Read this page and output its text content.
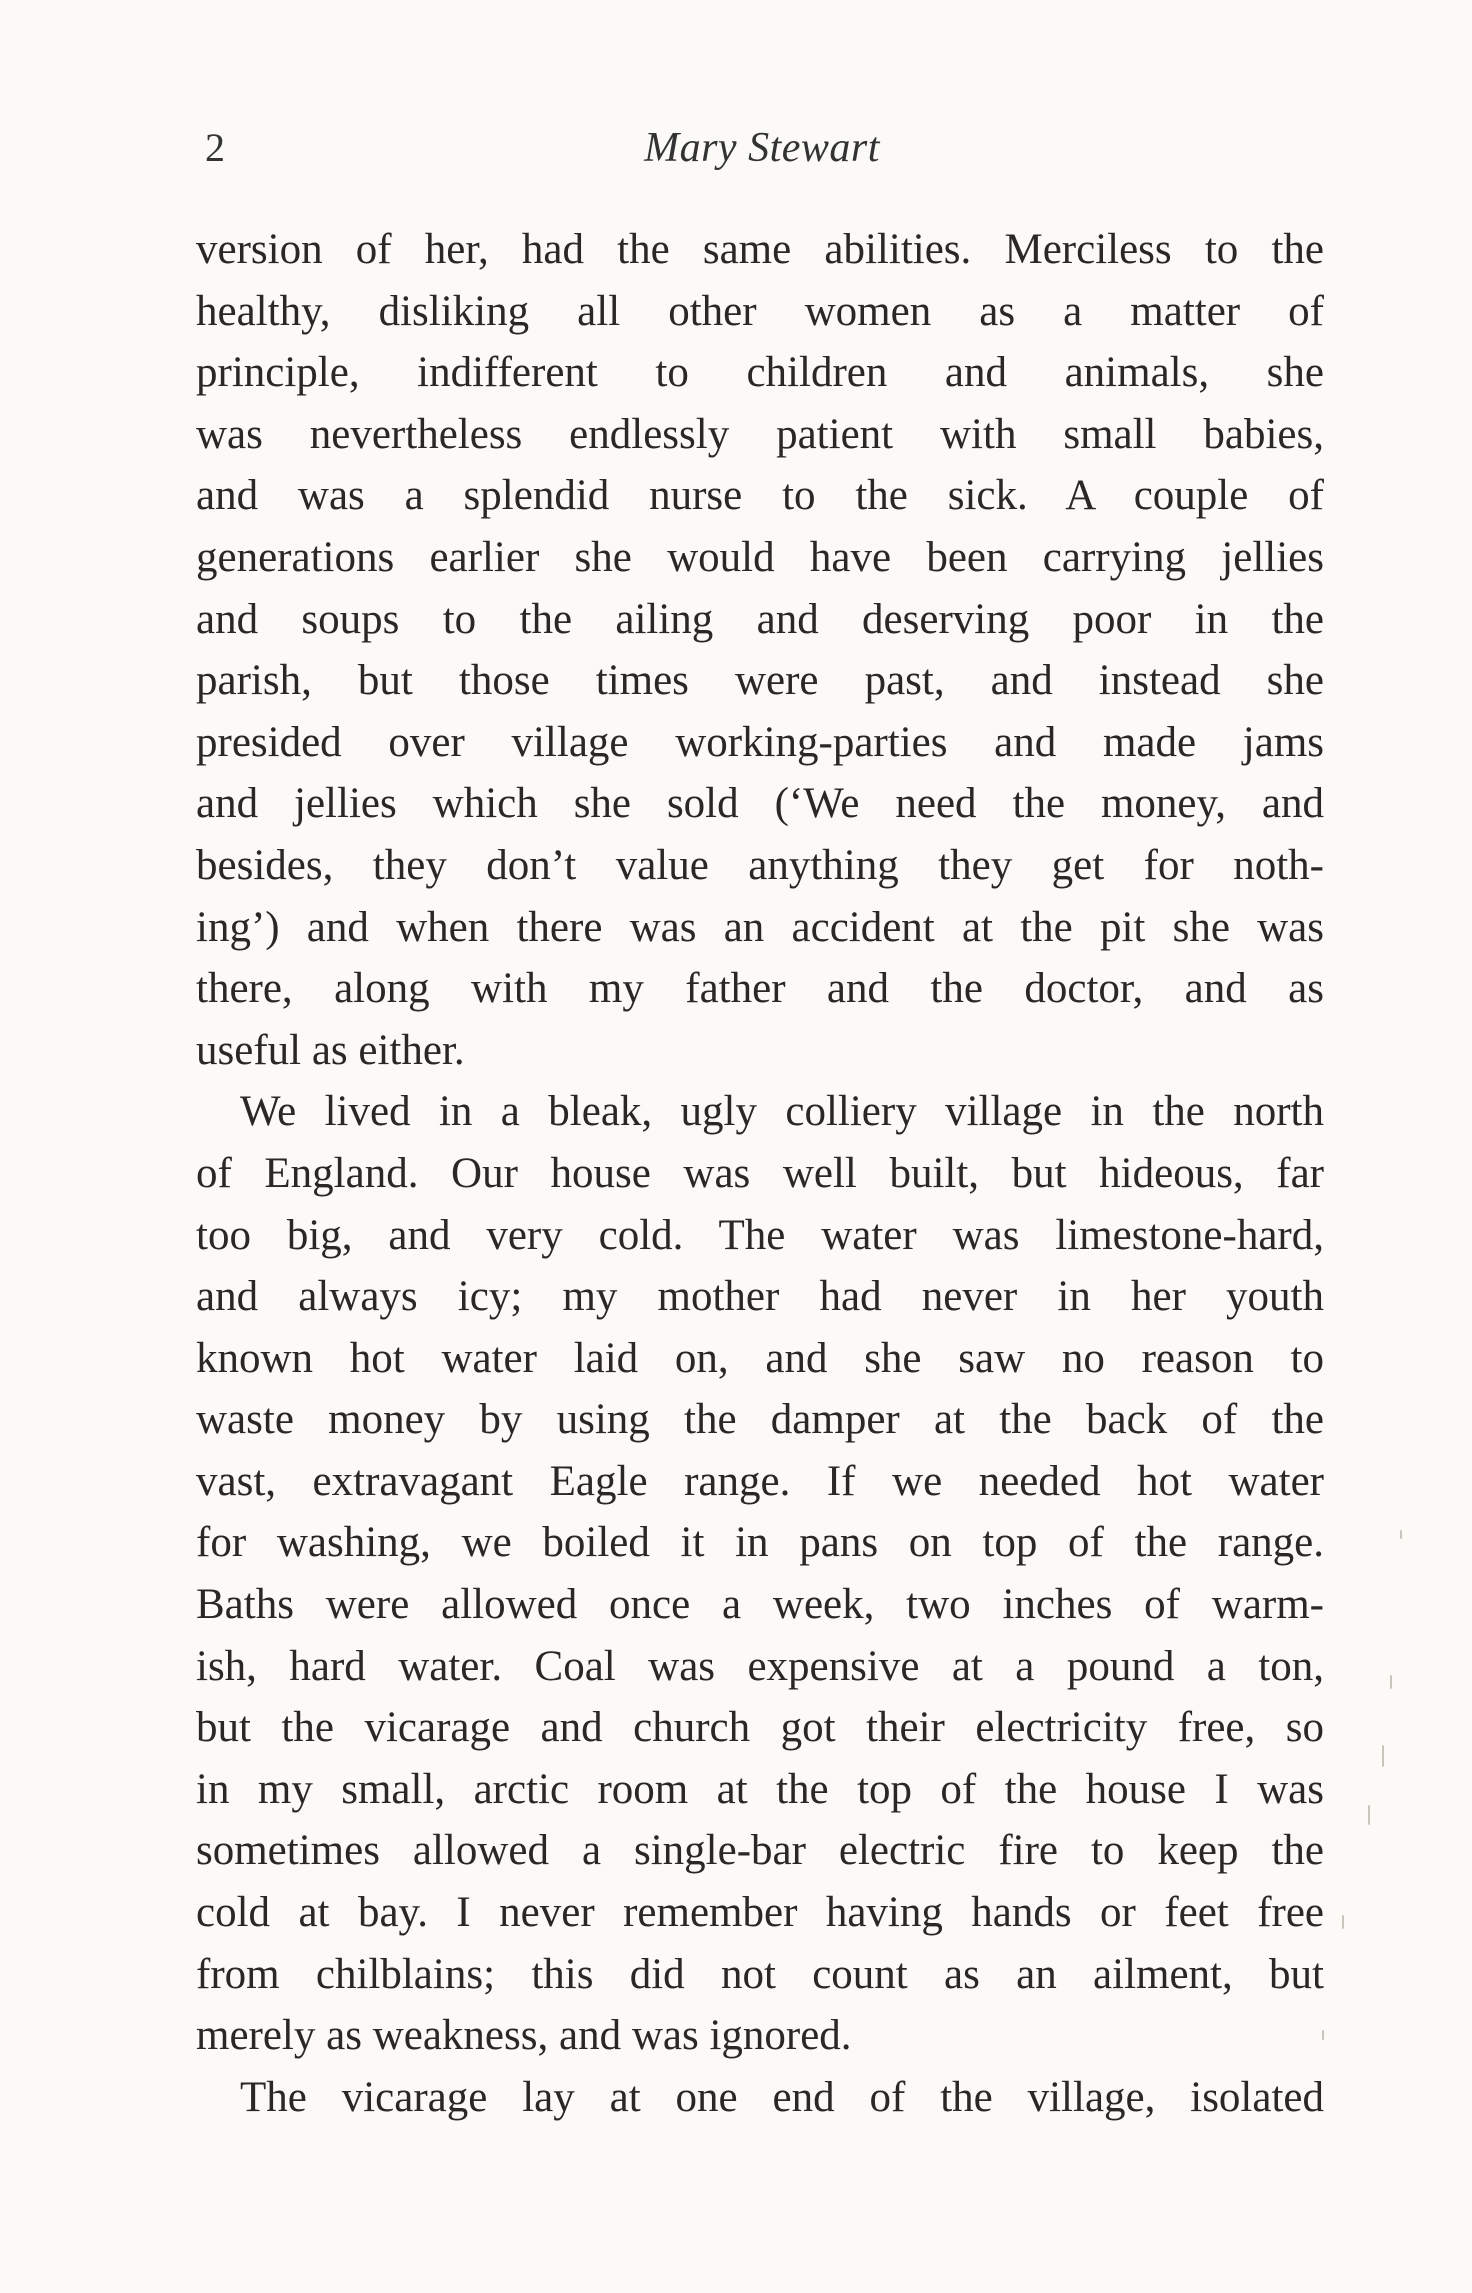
2	Mary Stewart
version of her, had the same abilities. Merciless to the
healthy, disliking all other women as a matter of
principle, indifferent to children and animals, she
was nevertheless endlessly patient with small babies,
and was a splendid nurse to the sick. A couple of
generations earlier she would have been carrying jellies
and soups to the ailing and deserving poor in the
parish, but those times were past, and instead she
presided over village working-parties and made jams
and jellies which she sold (‘We need the money, and
besides, they don’t value anything they get for noth-
ing’) and when there was an accident at the pit she was
there, along with my father and the doctor, and as
useful as either.
We lived in a bleak, ugly colliery village in the north
of England. Our house was well built, but hideous, far
too big, and very cold. The water was limestone-hard,
and always icy; my mother had never in her youth
known hot water laid on, and she saw no reason to
waste money by using the damper at the back of the
vast, extravagant Eagle range. If we needed hot water
for washing, we boiled it in pans on top of the range.
Baths were allowed once a week, two inches of warm-
ish, hard water. Coal was expensive at a pound a ton,
but the vicarage and church got their electricity free, so
in my small, arctic room at the top of the house I was
sometimes allowed a single-bar electric fire to keep the
cold at bay. I never remember having hands or feet free
from chilblains; this did not count as an ailment, but
merely as weakness, and was ignored.
The vicarage lay at one end of the village, isolated
